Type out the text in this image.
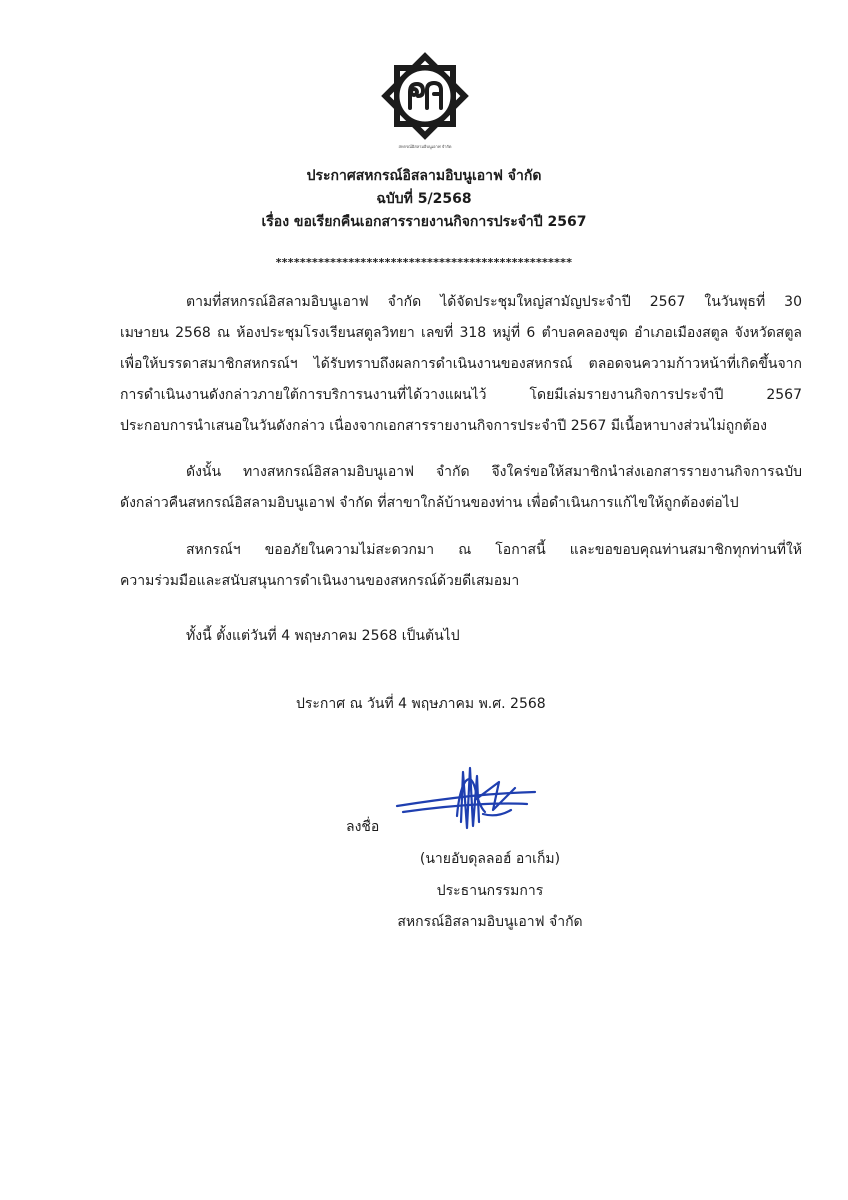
สหกรณ์อิสลามอิบนูเอาฟ จำกัด
ประกาศสหกรณ์อิสลามอิบนูเอาฟ จำกัด
ฉบับที่ 5/2568
เรื่อง ขอเรียกคืนเอกสารรายงานกิจการประจำปี 2567
*************************************************
ตามที่สหกรณ์อิสลามอิบนูเอาฟ จำกัด ได้จัดประชุมใหญ่สามัญประจำปี 2567 ในวันพุธที่ 30
เมษายน 2568 ณ ห้องประชุมโรงเรียนสตูลวิทยา เลขที่ 318 หมู่ที่ 6 ตำบลคลองขุด อำเภอเมืองสตูล จังหวัดสตูล
เพื่อให้บรรดาสมาชิกสหกรณ์ฯ ได้รับทราบถึงผลการดำเนินงานของสหกรณ์ ตลอดจนความก้าวหน้าที่เกิดขึ้นจาก
การดำเนินงานดังกล่าวภายใต้การบริการนงานที่ได้วางแผนไว้ โดยมีเล่มรายงานกิจการประจำปี 2567
ประกอบการนำเสนอในวันดังกล่าว เนื่องจากเอกสารรายงานกิจการประจำปี 2567 มีเนื้อหาบางส่วนไม่ถูกต้อง
ดังนั้น ทางสหกรณ์อิสลามอิบนูเอาฟ จำกัด จึงใคร่ขอให้สมาชิกนำส่งเอกสารรายงานกิจการฉบับ
ดังกล่าวคืนสหกรณ์อิสลามอิบนูเอาฟ จำกัด ที่สาขาใกล้บ้านของท่าน เพื่อดำเนินการแก้ไขให้ถูกต้องต่อไป
สหกรณ์ฯ ขออภัยในความไม่สะดวกมา ณ โอกาสนี้ และขอขอบคุณท่านสมาชิกทุกท่านที่ให้
ความร่วมมือและสนับสนุนการดำเนินงานของสหกรณ์ด้วยดีเสมอมา
ทั้งนี้ ตั้งแต่วันที่ 4 พฤษภาคม 2568 เป็นต้นไป
ประกาศ ณ วันที่ 4 พฤษภาคม พ.ศ. 2568
ลงชื่อ
(นายอับดุลลอฮ์ อาเก็ม)
ประธานกรรมการ
สหกรณ์อิสลามอิบนูเอาฟ จำกัด
